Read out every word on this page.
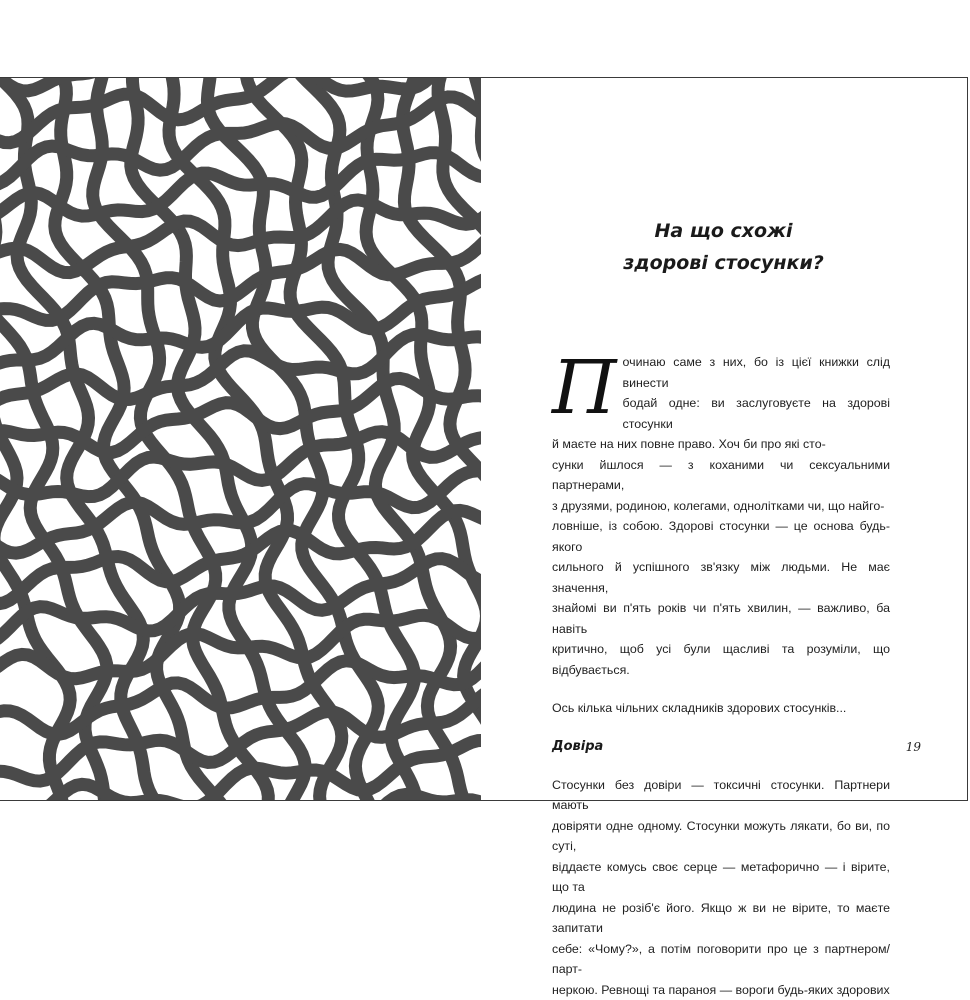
На що схожі
здорові стосунки?
П очинаю саме з них, бо із цієї книжки слід винести
бодай одне: ви заслуговуєте на здорові стосунки
й маєте на них повне право. Хоч би про які сто-
сунки йшлося — з коханими чи сексуальними партнерами,
з друзями, родиною, колегами, однолітками чи, що найго-
ловніше, із собою. Здорові стосунки — це основа будь-якого
сильного й успішного зв'язку між людьми. Не має значення,
знайомі ви п'ять років чи п'ять хвилин, — важливо, ба навіть
критично, щоб усі були щасливі та розуміли, що відбувається.
Ось кілька чільних складників здорових стосунків...
Довіра
Стосунки без довіри — токсичні стосунки. Партнери мають
довіряти одне одному. Стосунки можуть лякати, бо ви, по суті,
віддаєте комусь своє серце — метафорично — і вірите, що та
людина не розіб'є його. Якщо ж ви не вірите, то маєте запитати
себе: «Чому?», а потім поговорити про це з партнером/парт-
неркою. Ревнощі та параноя — вороги будь-яких здорових
19
